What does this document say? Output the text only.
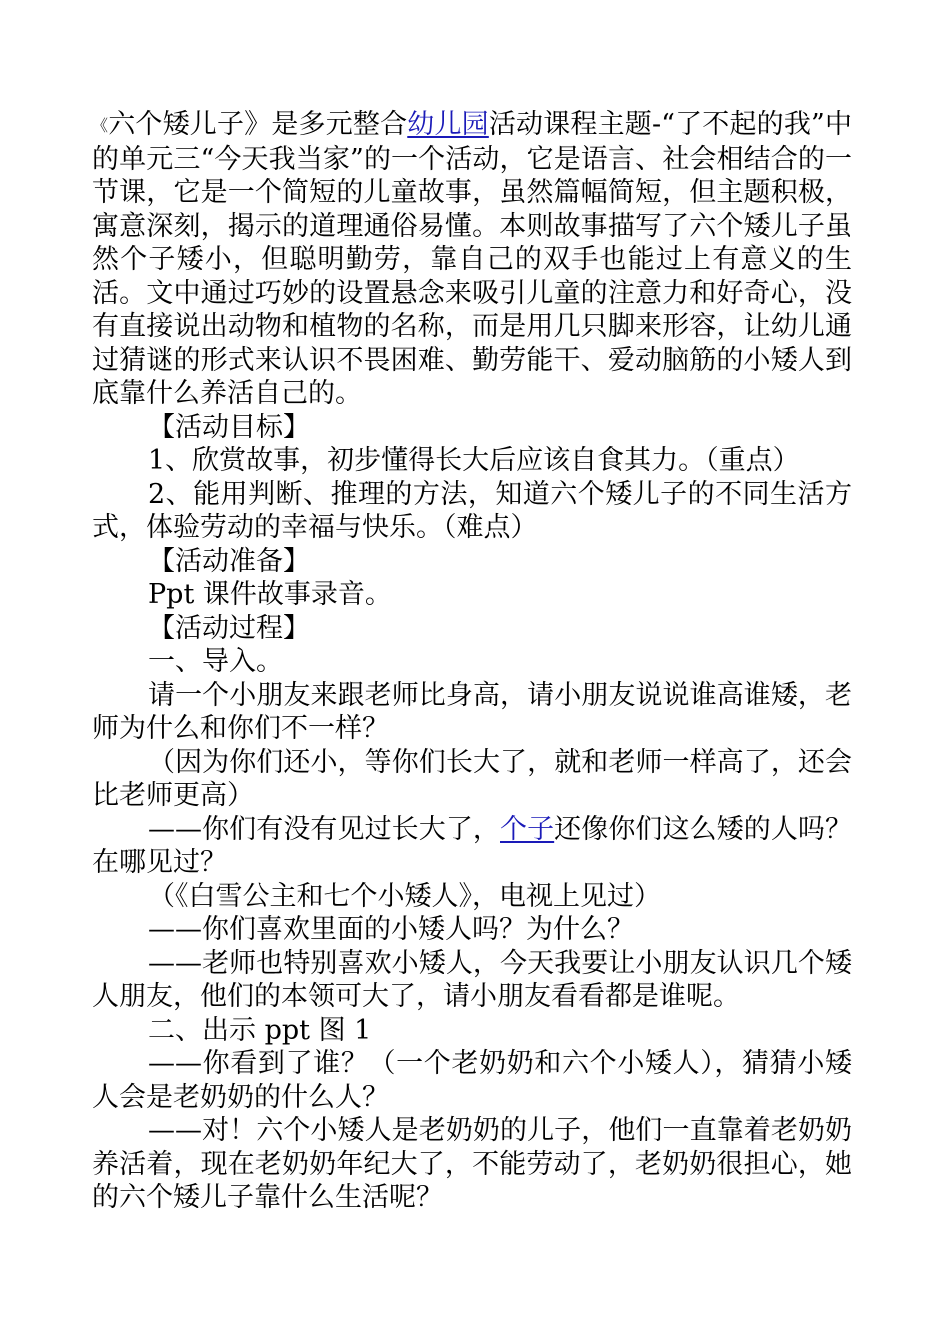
《六个矮儿子》是多元整合幼儿园活动课程主题-“了不起的我”中的单元三“今天我当家”的一个活动，它是语言、社会相结合的一节课，它是一个简短的儿童故事，虽然篇幅简短，但主题积极，寓意深刻，揭示的道理通俗易懂。本则故事描写了六个矮儿子虽然个子矮小，但聪明勤劳，靠自己的双手也能过上有意义的生活。文中通过巧妙的设置悬念来吸引儿童的注意力和好奇心，没有直接说出动物和植物的名称，而是用几只脚来形容，让幼儿通过猜谜的形式来认识不畏困难、勤劳能干、爱动脑筋的小矮人到底靠什么养活自己的。

【活动目标】

1、欣赏故事，初步懂得长大后应该自食其力。（重点）

2、能用判断、推理的方法，知道六个矮儿子的不同生活方式，体验劳动的幸福与快乐。（难点）

【活动准备】

Ppt 课件故事录音。

【活动过程】

一、导入。

请一个小朋友来跟老师比身高，请小朋友说说谁高谁矮，老师为什么和你们不一样？

（因为你们还小，等你们长大了，就和老师一样高了，还会比老师更高）

——你们有没有见过长大了，个子还像你们这么矮的人吗？在哪见过？

（《白雪公主和七个小矮人》，电视上见过）

——你们喜欢里面的小矮人吗？为什么？

——老师也特别喜欢小矮人，今天我要让小朋友认识几个矮人朋友，他们的本领可大了，请小朋友看看都是谁呢。

二、出示 ppt 图 1

——你看到了谁？（一个老奶奶和六个小矮人），猜猜小矮人会是老奶奶的什么人？

——对！六个小矮人是老奶奶的儿子，他们一直靠着老奶奶养活着，现在老奶奶年纪大了，不能劳动了，老奶奶很担心，她的六个矮儿子靠什么生活呢？
